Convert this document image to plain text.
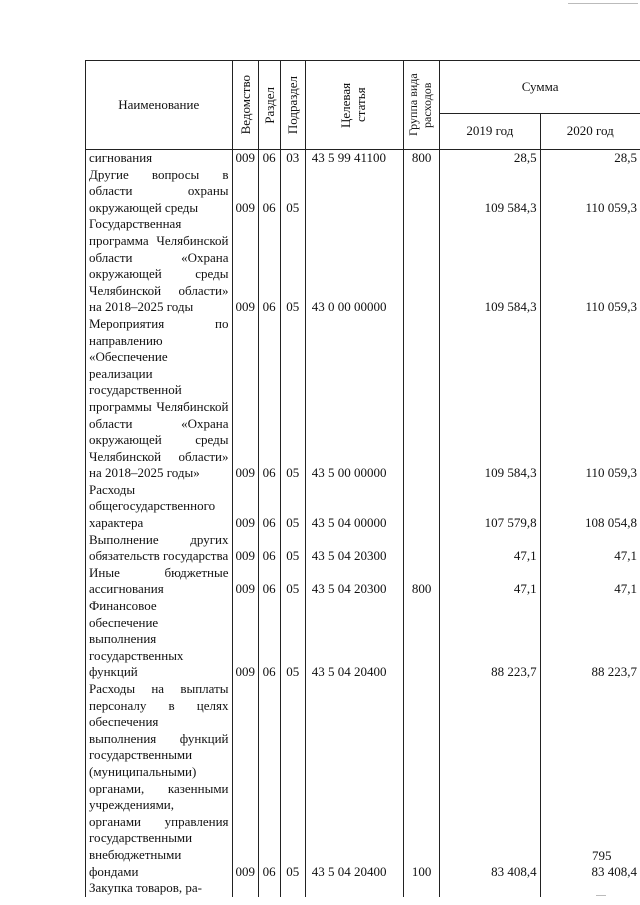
Наименование	Ведомство	Раздел	Подраздел	Целевая статья	Группа вида расходов	Сумма	
						2019 год	2020 год
сигнования	009	06	03	43 5 99 41100	800	28,5	28,5
Другие вопросы в области охраны окружающей среды	009	06	05			109 584,3	110 059,3
Государственная программа Челябинской области «Охрана окружающей среды Челябинской области» на 2018–2025 годы	009	06	05	43 0 00 00000		109 584,3	110 059,3
Мероприятия по направлению «Обеспечение реализации государственной программы Челябинской области «Охрана окружающей среды Челябинской области» на 2018–2025 годы»	009	06	05	43 5 00 00000		109 584,3	110 059,3
Расходы общегосударственного характера	009	06	05	43 5 04 00000		107 579,8	108 054,8
Выполнение других обязательств государства	009	06	05	43 5 04 20300		47,1	47,1
Иные бюджетные ассигнования	009	06	05	43 5 04 20300	800	47,1	47,1
Финансовое обеспечение выполнения государственных функций	009	06	05	43 5 04 20400		88 223,7	88 223,7
Расходы на выплаты персоналу в целях обеспечения выполнения функций государственными (муниципальными) органами, казенными учреждениями, органами управления государственными внебюджетными фондами	009	06	05	43 5 04 20400	100	83 408,4	83 408,4
Закупка товаров, ра-							
795
